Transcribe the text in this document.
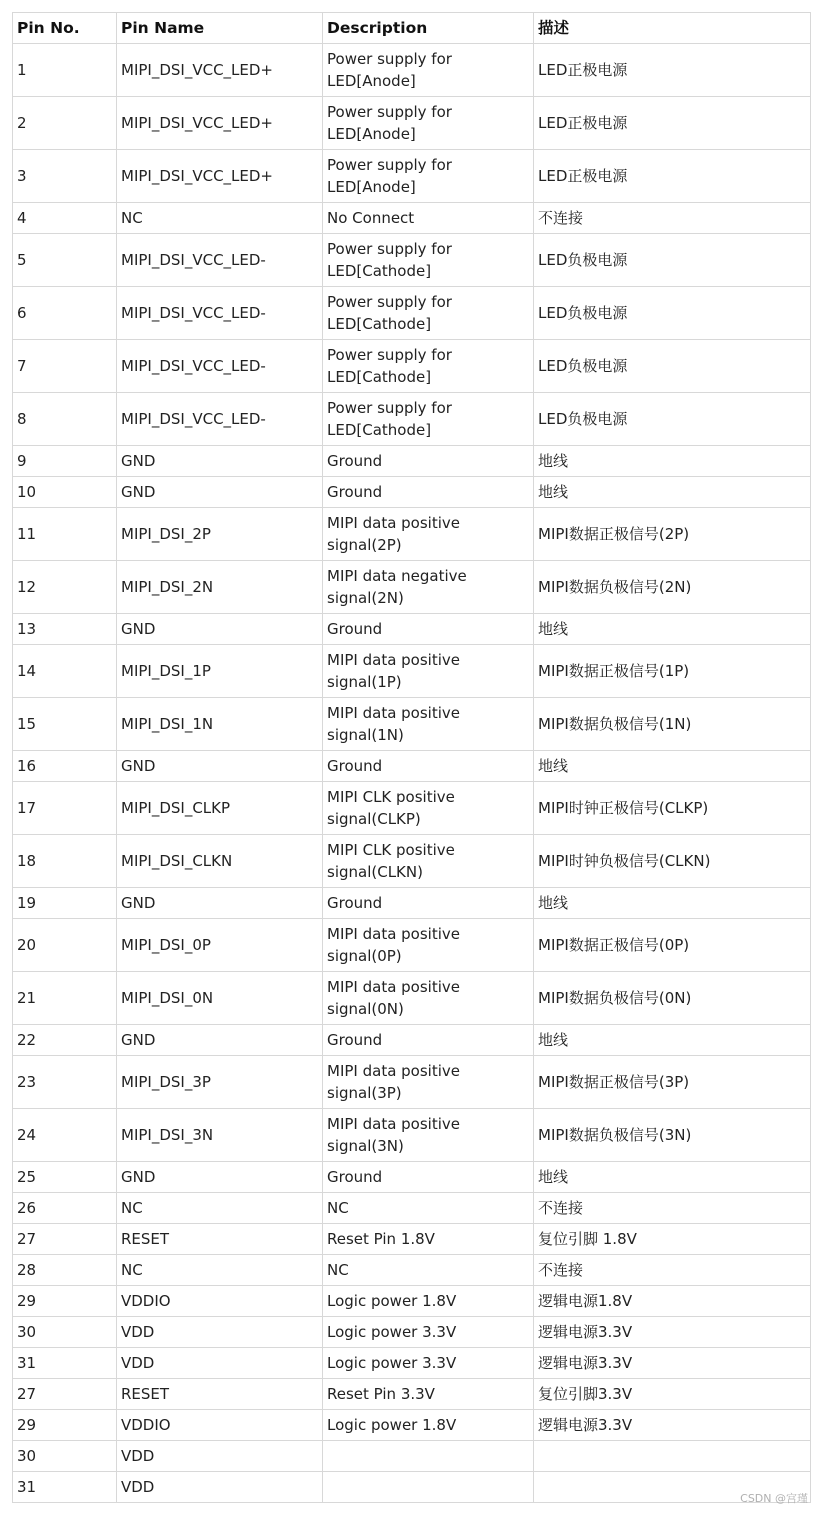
Pin No.	Pin Name	Description	描述
1	MIPI_DSI_VCC_LED+	Power supply for LED[Anode]	LED正极电源
2	MIPI_DSI_VCC_LED+	Power supply for LED[Anode]	LED正极电源
3	MIPI_DSI_VCC_LED+	Power supply for LED[Anode]	LED正极电源
4	NC	No Connect	不连接
5	MIPI_DSI_VCC_LED-	Power supply for LED[Cathode]	LED负极电源
6	MIPI_DSI_VCC_LED-	Power supply for LED[Cathode]	LED负极电源
7	MIPI_DSI_VCC_LED-	Power supply for LED[Cathode]	LED负极电源
8	MIPI_DSI_VCC_LED-	Power supply for LED[Cathode]	LED负极电源
9	GND	Ground	地线
10	GND	Ground	地线
11	MIPI_DSI_2P	MIPI data positive signal(2P)	MIPI数据正极信号(2P)
12	MIPI_DSI_2N	MIPI data negative signal(2N)	MIPI数据负极信号(2N)
13	GND	Ground	地线
14	MIPI_DSI_1P	MIPI data positive signal(1P)	MIPI数据正极信号(1P)
15	MIPI_DSI_1N	MIPI data positive signal(1N)	MIPI数据负极信号(1N)
16	GND	Ground	地线
17	MIPI_DSI_CLKP	MIPI CLK positive signal(CLKP)	MIPI时钟正极信号(CLKP)
18	MIPI_DSI_CLKN	MIPI CLK positive signal(CLKN)	MIPI时钟负极信号(CLKN)
19	GND	Ground	地线
20	MIPI_DSI_0P	MIPI data positive signal(0P)	MIPI数据正极信号(0P)
21	MIPI_DSI_0N	MIPI data positive signal(0N)	MIPI数据负极信号(0N)
22	GND	Ground	地线
23	MIPI_DSI_3P	MIPI data positive signal(3P)	MIPI数据正极信号(3P)
24	MIPI_DSI_3N	MIPI data positive signal(3N)	MIPI数据负极信号(3N)
25	GND	Ground	地线
26	NC	NC	不连接
27	RESET	Reset Pin 1.8V	复位引脚 1.8V
28	NC	NC	不连接
29	VDDIO	Logic power 1.8V	逻辑电源1.8V
30	VDD	Logic power 3.3V	逻辑电源3.3V
31	VDD	Logic power 3.3V	逻辑电源3.3V
27	RESET	Reset Pin 3.3V	复位引脚3.3V
29	VDDIO	Logic power 1.8V	逻辑电源3.3V
30	VDD		
31	VDD		
CSDN @宫瑾
